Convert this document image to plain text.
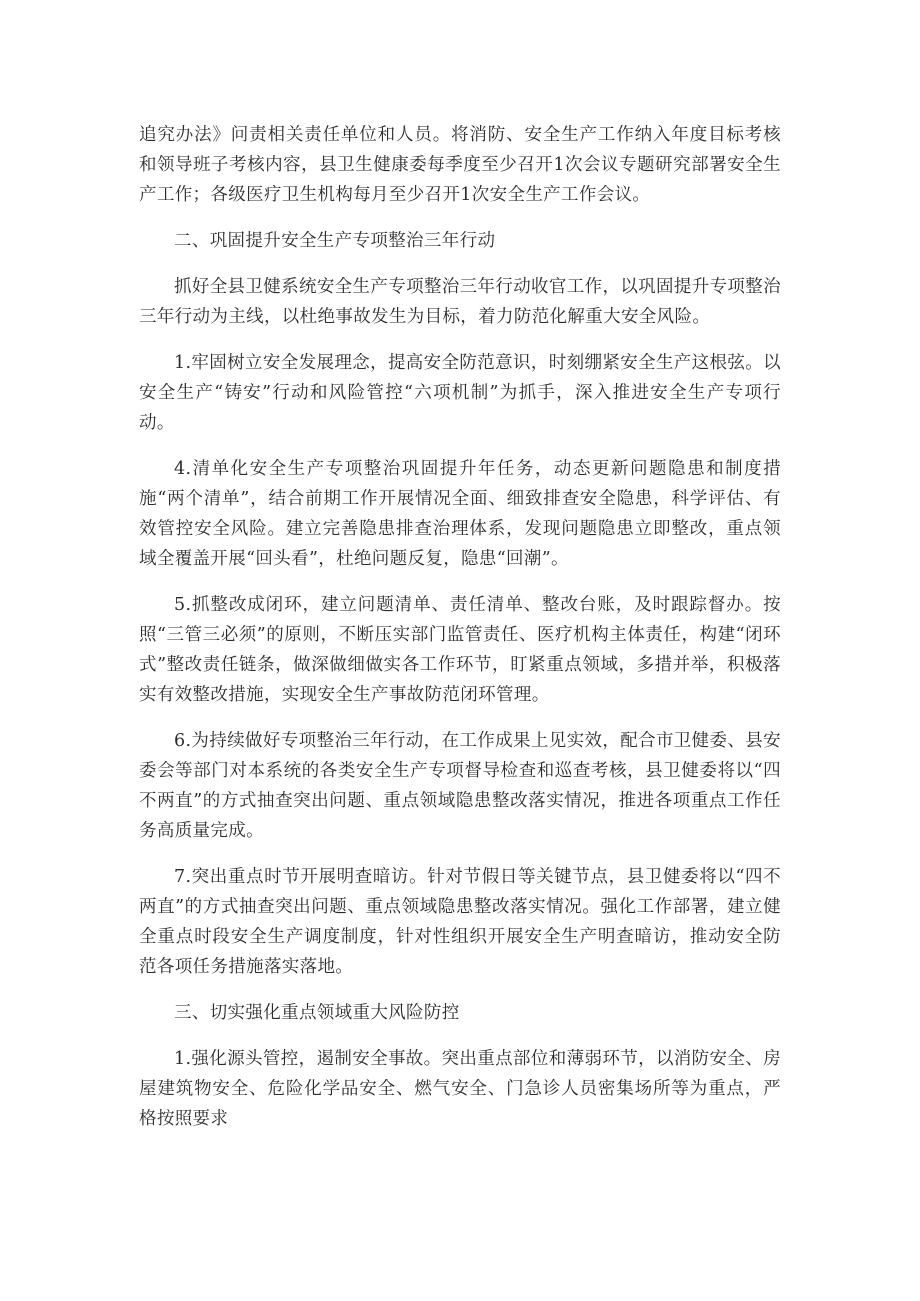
追究办法》问责相关责任单位和人员。将消防、安全生产工作纳入年度目标考核和领导班子考核内容，县卫生健康委每季度至少召开1次会议专题研究部署安全生产工作；各级医疗卫生机构每月至少召开1次安全生产工作会议。

二、巩固提升安全生产专项整治三年行动

抓好全县卫健系统安全生产专项整治三年行动收官工作，以巩固提升专项整治三年行动为主线，以杜绝事故发生为目标，着力防范化解重大安全风险。

1.牢固树立安全发展理念，提高安全防范意识，时刻绷紧安全生产这根弦。以安全生产“铸安”行动和风险管控“六项机制”为抓手，深入推进安全生产专项行动。

4.清单化安全生产专项整治巩固提升年任务，动态更新问题隐患和制度措施“两个清单”，结合前期工作开展情况全面、细致排查安全隐患，科学评估、有效管控安全风险。建立完善隐患排查治理体系，发现问题隐患立即整改，重点领域全覆盖开展“回头看”，杜绝问题反复，隐患“回潮”。

5.抓整改成闭环，建立问题清单、责任清单、整改台账，及时跟踪督办。按照“三管三必须”的原则，不断压实部门监管责任、医疗机构主体责任，构建“闭环式”整改责任链条，做深做细做实各工作环节，盯紧重点领域，多措并举，积极落实有效整改措施，实现安全生产事故防范闭环管理。

6.为持续做好专项整治三年行动，在工作成果上见实效，配合市卫健委、县安委会等部门对本系统的各类安全生产专项督导检查和巡查考核，县卫健委将以“四不两直”的方式抽查突出问题、重点领域隐患整改落实情况，推进各项重点工作任务高质量完成。

7.突出重点时节开展明查暗访。针对节假日等关键节点，县卫健委将以“四不两直”的方式抽查突出问题、重点领域隐患整改落实情况。强化工作部署，建立健全重点时段安全生产调度制度，针对性组织开展安全生产明查暗访，推动安全防范各项任务措施落实落地。

三、切实强化重点领域重大风险防控

1.强化源头管控，遏制安全事故。突出重点部位和薄弱环节，以消防安全、房屋建筑物安全、危险化学品安全、燃气安全、门急诊人员密集场所等为重点，严格按照要求
